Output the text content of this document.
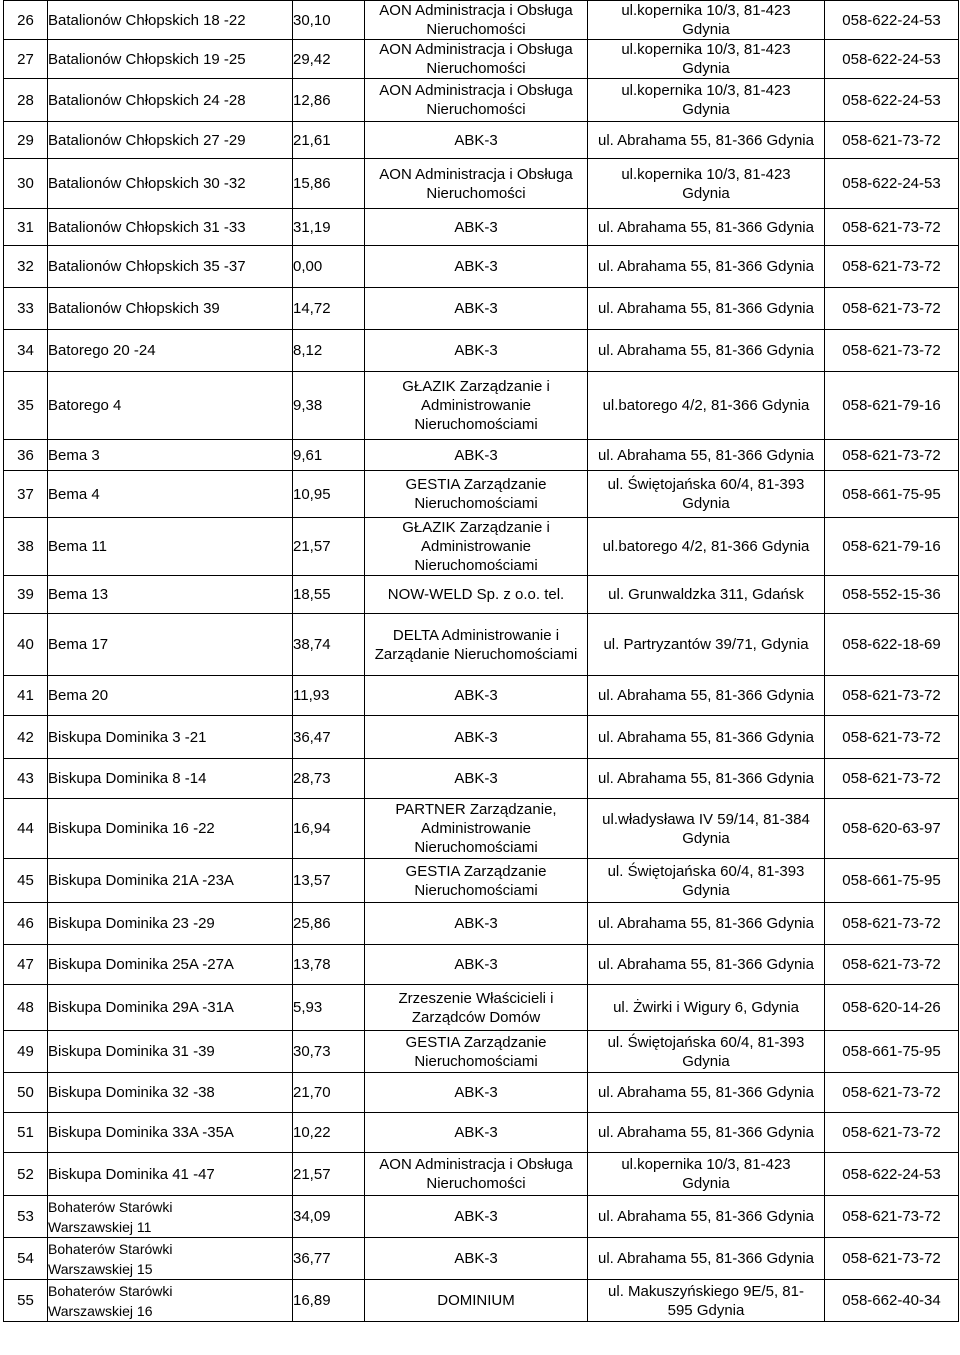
26	Batalionów Chłopskich 18 -22	30,10	AON Administracja i Obsługa
Nieruchomości	ul.kopernika 10/3, 81-423
Gdynia	058-622-24-53

27	Batalionów Chłopskich 19 -25	29,42	AON Administracja i Obsługa
Nieruchomości	ul.kopernika 10/3, 81-423
Gdynia	058-622-24-53

28	Batalionów Chłopskich 24 -28	12,86	AON Administracja i Obsługa
Nieruchomości	ul.kopernika 10/3, 81-423
Gdynia	058-622-24-53

29	Batalionów Chłopskich 27 -29	21,61	ABK-3	ul. Abrahama 55, 81-366 Gdynia	058-621-73-72

30	Batalionów Chłopskich 30 -32	15,86	AON Administracja i Obsługa
Nieruchomości	ul.kopernika 10/3, 81-423
Gdynia	058-622-24-53

31	Batalionów Chłopskich 31 -33	31,19	ABK-3	ul. Abrahama 55, 81-366 Gdynia	058-621-73-72

32	Batalionów Chłopskich 35 -37	0,00	ABK-3	ul. Abrahama 55, 81-366 Gdynia	058-621-73-72

33	Batalionów Chłopskich 39	14,72	ABK-3	ul. Abrahama 55, 81-366 Gdynia	058-621-73-72

34	Batorego 20 -24	8,12	ABK-3	ul. Abrahama 55, 81-366 Gdynia	058-621-73-72

35	Batorego 4	9,38	GŁAZIK Zarządzanie i
Administrowanie
Nieruchomościami	ul.batorego 4/2, 81-366 Gdynia	058-621-79-16

36	Bema 3	9,61	ABK-3	ul. Abrahama 55, 81-366 Gdynia	058-621-73-72

37	Bema 4	10,95	GESTIA Zarządzanie
Nieruchomościami	ul. Świętojańska 60/4, 81-393
Gdynia	058-661-75-95

38	Bema 11	21,57	GŁAZIK Zarządzanie i
Administrowanie
Nieruchomościami	ul.batorego 4/2, 81-366 Gdynia	058-621-79-16

39	Bema 13	18,55	NOW-WELD Sp. z o.o. tel.	ul. Grunwaldzka 311, Gdańsk	058-552-15-36

40	Bema 17	38,74	DELTA Administrowanie i
Zarządanie Nieruchomościami	ul. Partryzantów 39/71, Gdynia	058-622-18-69

41	Bema 20	11,93	ABK-3	ul. Abrahama 55, 81-366 Gdynia	058-621-73-72

42	Biskupa Dominika 3 -21	36,47	ABK-3	ul. Abrahama 55, 81-366 Gdynia	058-621-73-72

43	Biskupa Dominika 8 -14	28,73	ABK-3	ul. Abrahama 55, 81-366 Gdynia	058-621-73-72

44	Biskupa Dominika 16 -22	16,94	PARTNER Zarządzanie,
Administrowanie
Nieruchomościami	ul.władysława IV 59/14, 81-384
Gdynia	058-620-63-97

45	Biskupa Dominika 21A -23A	13,57	GESTIA Zarządzanie
Nieruchomościami	ul. Świętojańska 60/4, 81-393
Gdynia	058-661-75-95

46	Biskupa Dominika 23 -29	25,86	ABK-3	ul. Abrahama 55, 81-366 Gdynia	058-621-73-72

47	Biskupa Dominika 25A -27A	13,78	ABK-3	ul. Abrahama 55, 81-366 Gdynia	058-621-73-72

48	Biskupa Dominika 29A -31A	5,93	Zrzeszenie Właścicieli i
Zarządców Domów	ul. Żwirki i Wigury 6, Gdynia	058-620-14-26

49	Biskupa Dominika 31 -39	30,73	GESTIA Zarządzanie
Nieruchomościami	ul. Świętojańska 60/4, 81-393
Gdynia	058-661-75-95

50	Biskupa Dominika 32 -38	21,70	ABK-3	ul. Abrahama 55, 81-366 Gdynia	058-621-73-72

51	Biskupa Dominika 33A -35A	10,22	ABK-3	ul. Abrahama 55, 81-366 Gdynia	058-621-73-72

52	Biskupa Dominika 41 -47	21,57	AON Administracja i Obsługa
Nieruchomości	ul.kopernika 10/3, 81-423
Gdynia	058-622-24-53

53	Bohaterów Starówki
Warszawskiej 11	34,09	ABK-3	ul. Abrahama 55, 81-366 Gdynia	058-621-73-72

54	Bohaterów Starówki
Warszawskiej 15	36,77	ABK-3	ul. Abrahama 55, 81-366 Gdynia	058-621-73-72

55	Bohaterów Starówki
Warszawskiej 16	16,89	DOMINIUM	ul. Makuszyńskiego 9E/5, 81-
595 Gdynia	058-662-40-34
